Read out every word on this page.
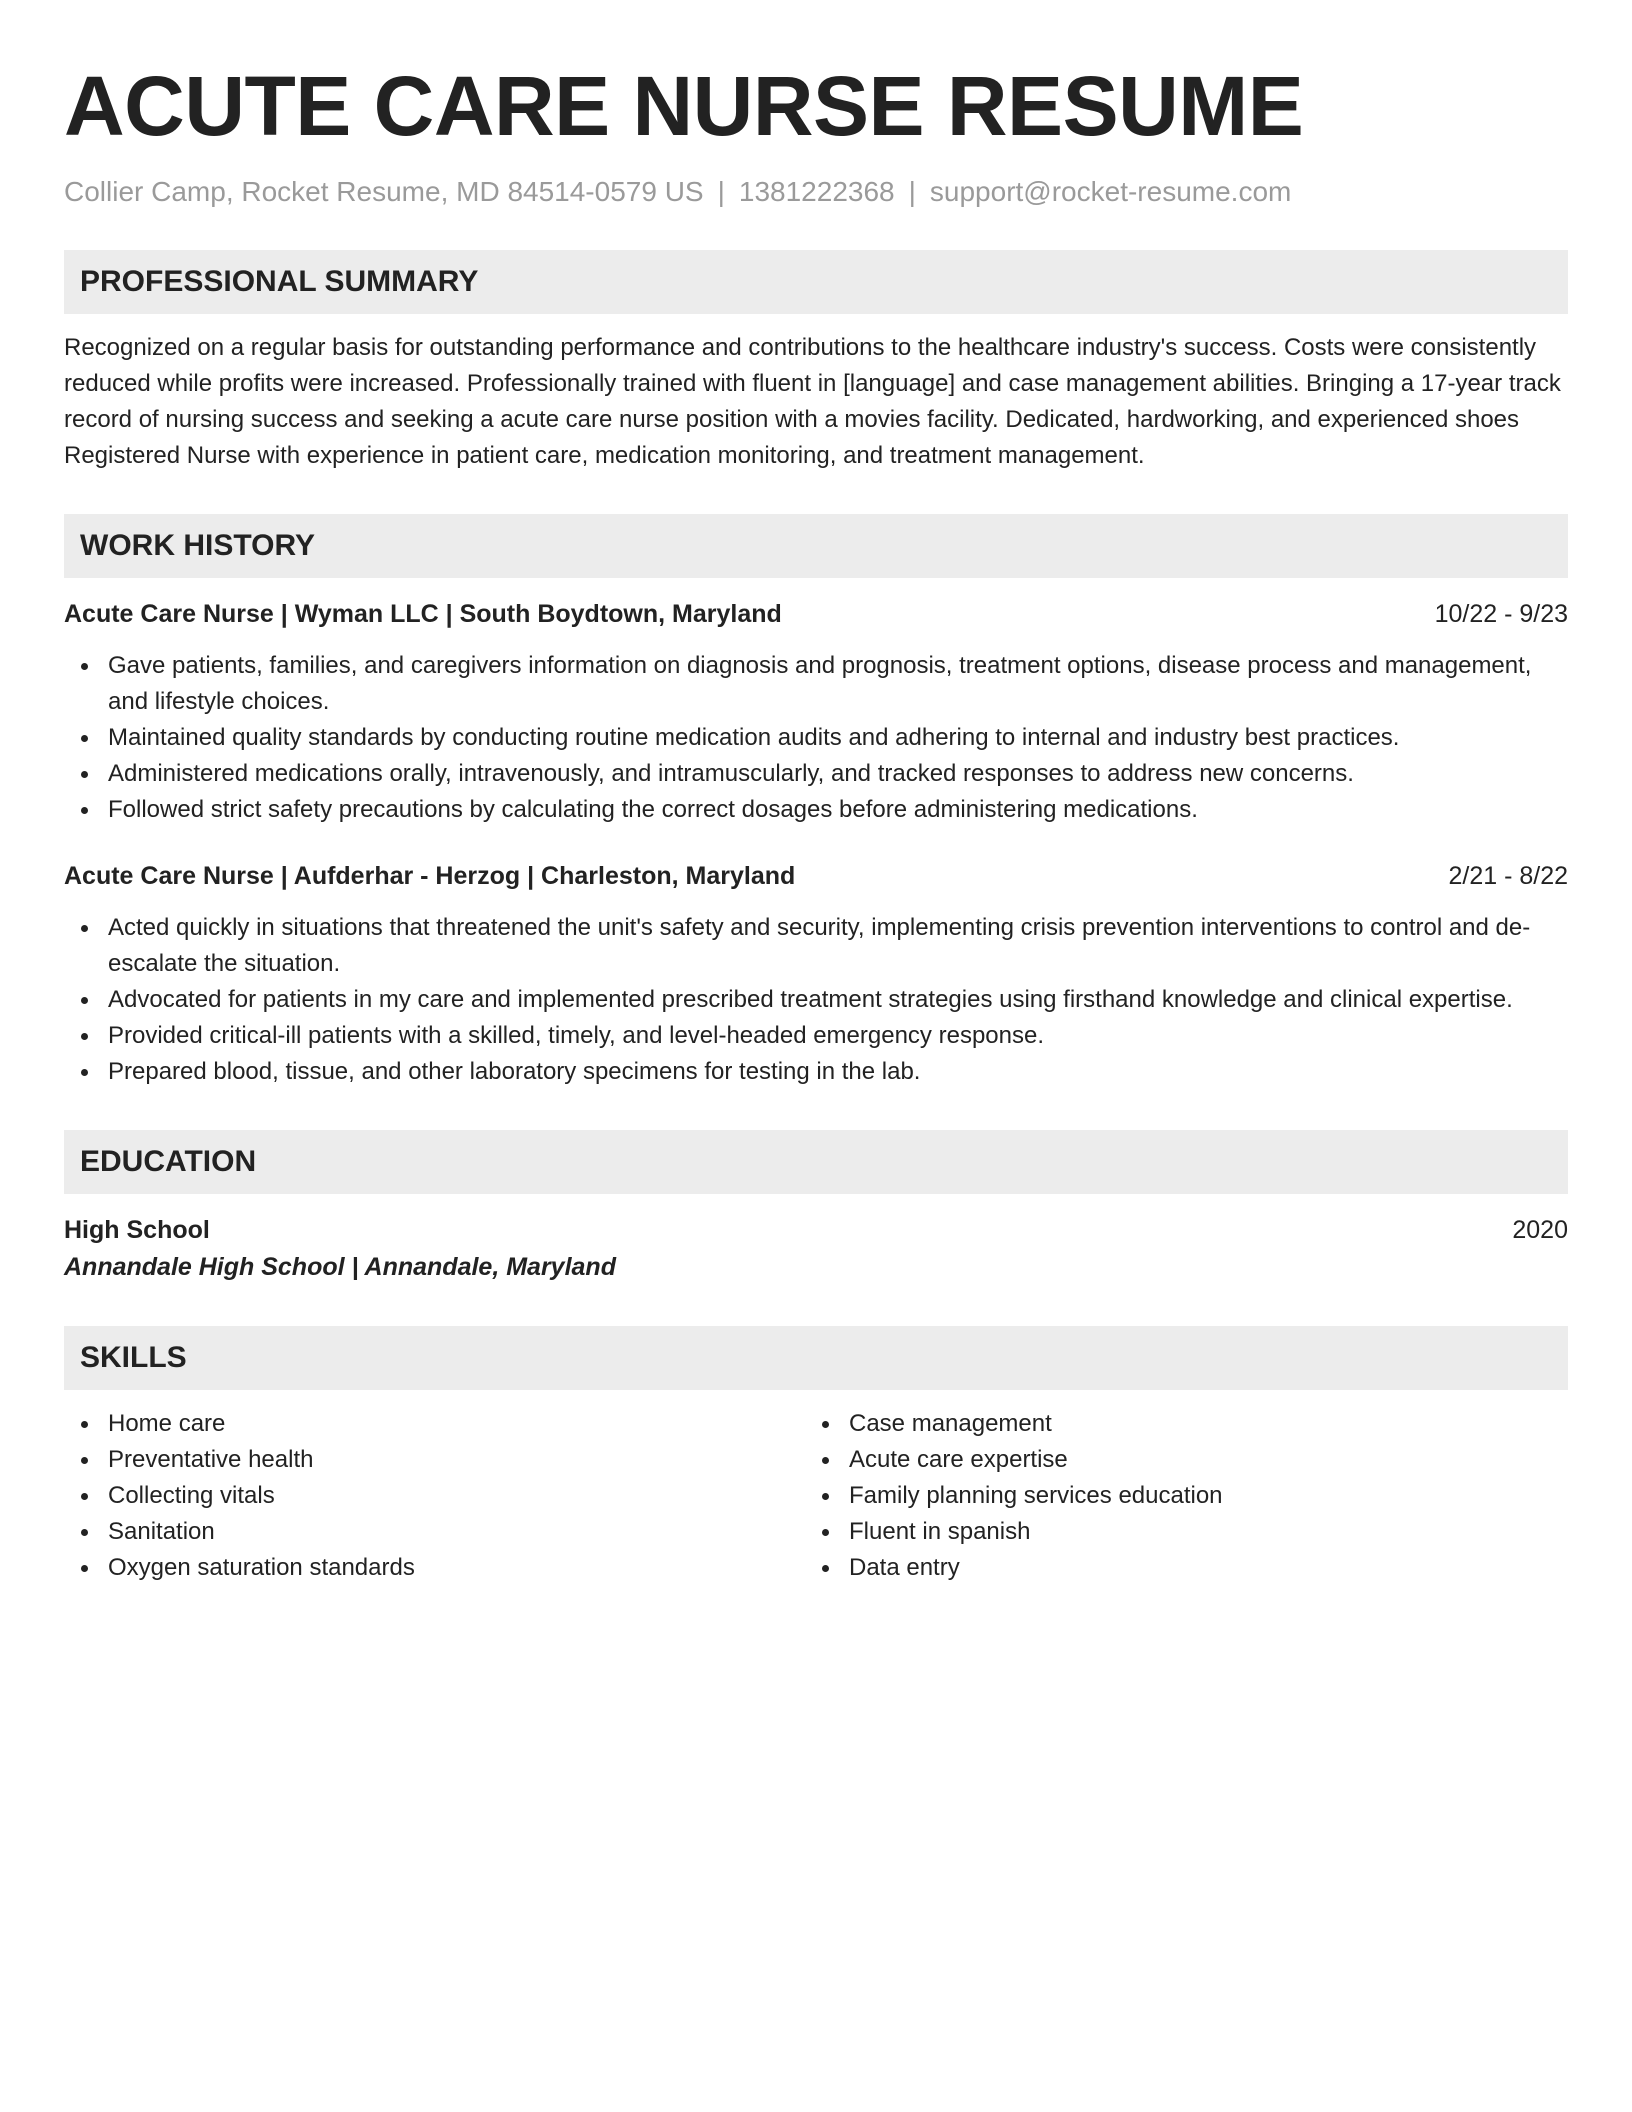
ACUTE CARE NURSE RESUME
Collier Camp, Rocket Resume, MD 84514-0579 US | 1381222368 | support@rocket-resume.com
PROFESSIONAL SUMMARY

Recognized on a regular basis for outstanding performance and contributions to the healthcare industry's success. Costs were consistently reduced while profits were increased. Professionally trained with fluent in [language] and case management abilities. Bringing a 17-year track record of nursing success and seeking a acute care nurse position with a movies facility. Dedicated, hardworking, and experienced shoes Registered Nurse with experience in patient care, medication monitoring, and treatment management.

WORK HISTORY
Acute Care Nurse | Wyman LLC | South Boydtown, Maryland	10/22 - 9/23
Gave patients, families, and caregivers information on diagnosis and prognosis, treatment options, disease process and management, and lifestyle choices.
Maintained quality standards by conducting routine medication audits and adhering to internal and industry best practices.
Administered medications orally, intravenously, and intramuscularly, and tracked responses to address new concerns.
Followed strict safety precautions by calculating the correct dosages before administering medications.
Acute Care Nurse | Aufderhar - Herzog | Charleston, Maryland	2/21 - 8/22
Acted quickly in situations that threatened the unit's safety and security, implementing crisis prevention interventions to control and de-escalate the situation.
Advocated for patients in my care and implemented prescribed treatment strategies using firsthand knowledge and clinical expertise.
Provided critical-ill patients with a skilled, timely, and level-headed emergency response.
Prepared blood, tissue, and other laboratory specimens for testing in the lab.
EDUCATION
High School	2020
Annandale High School | Annandale, Maryland
SKILLS
Home care
Preventative health
Collecting vitals
Sanitation
Oxygen saturation standards
Case management
Acute care expertise
Family planning services education
Fluent in spanish
Data entry
